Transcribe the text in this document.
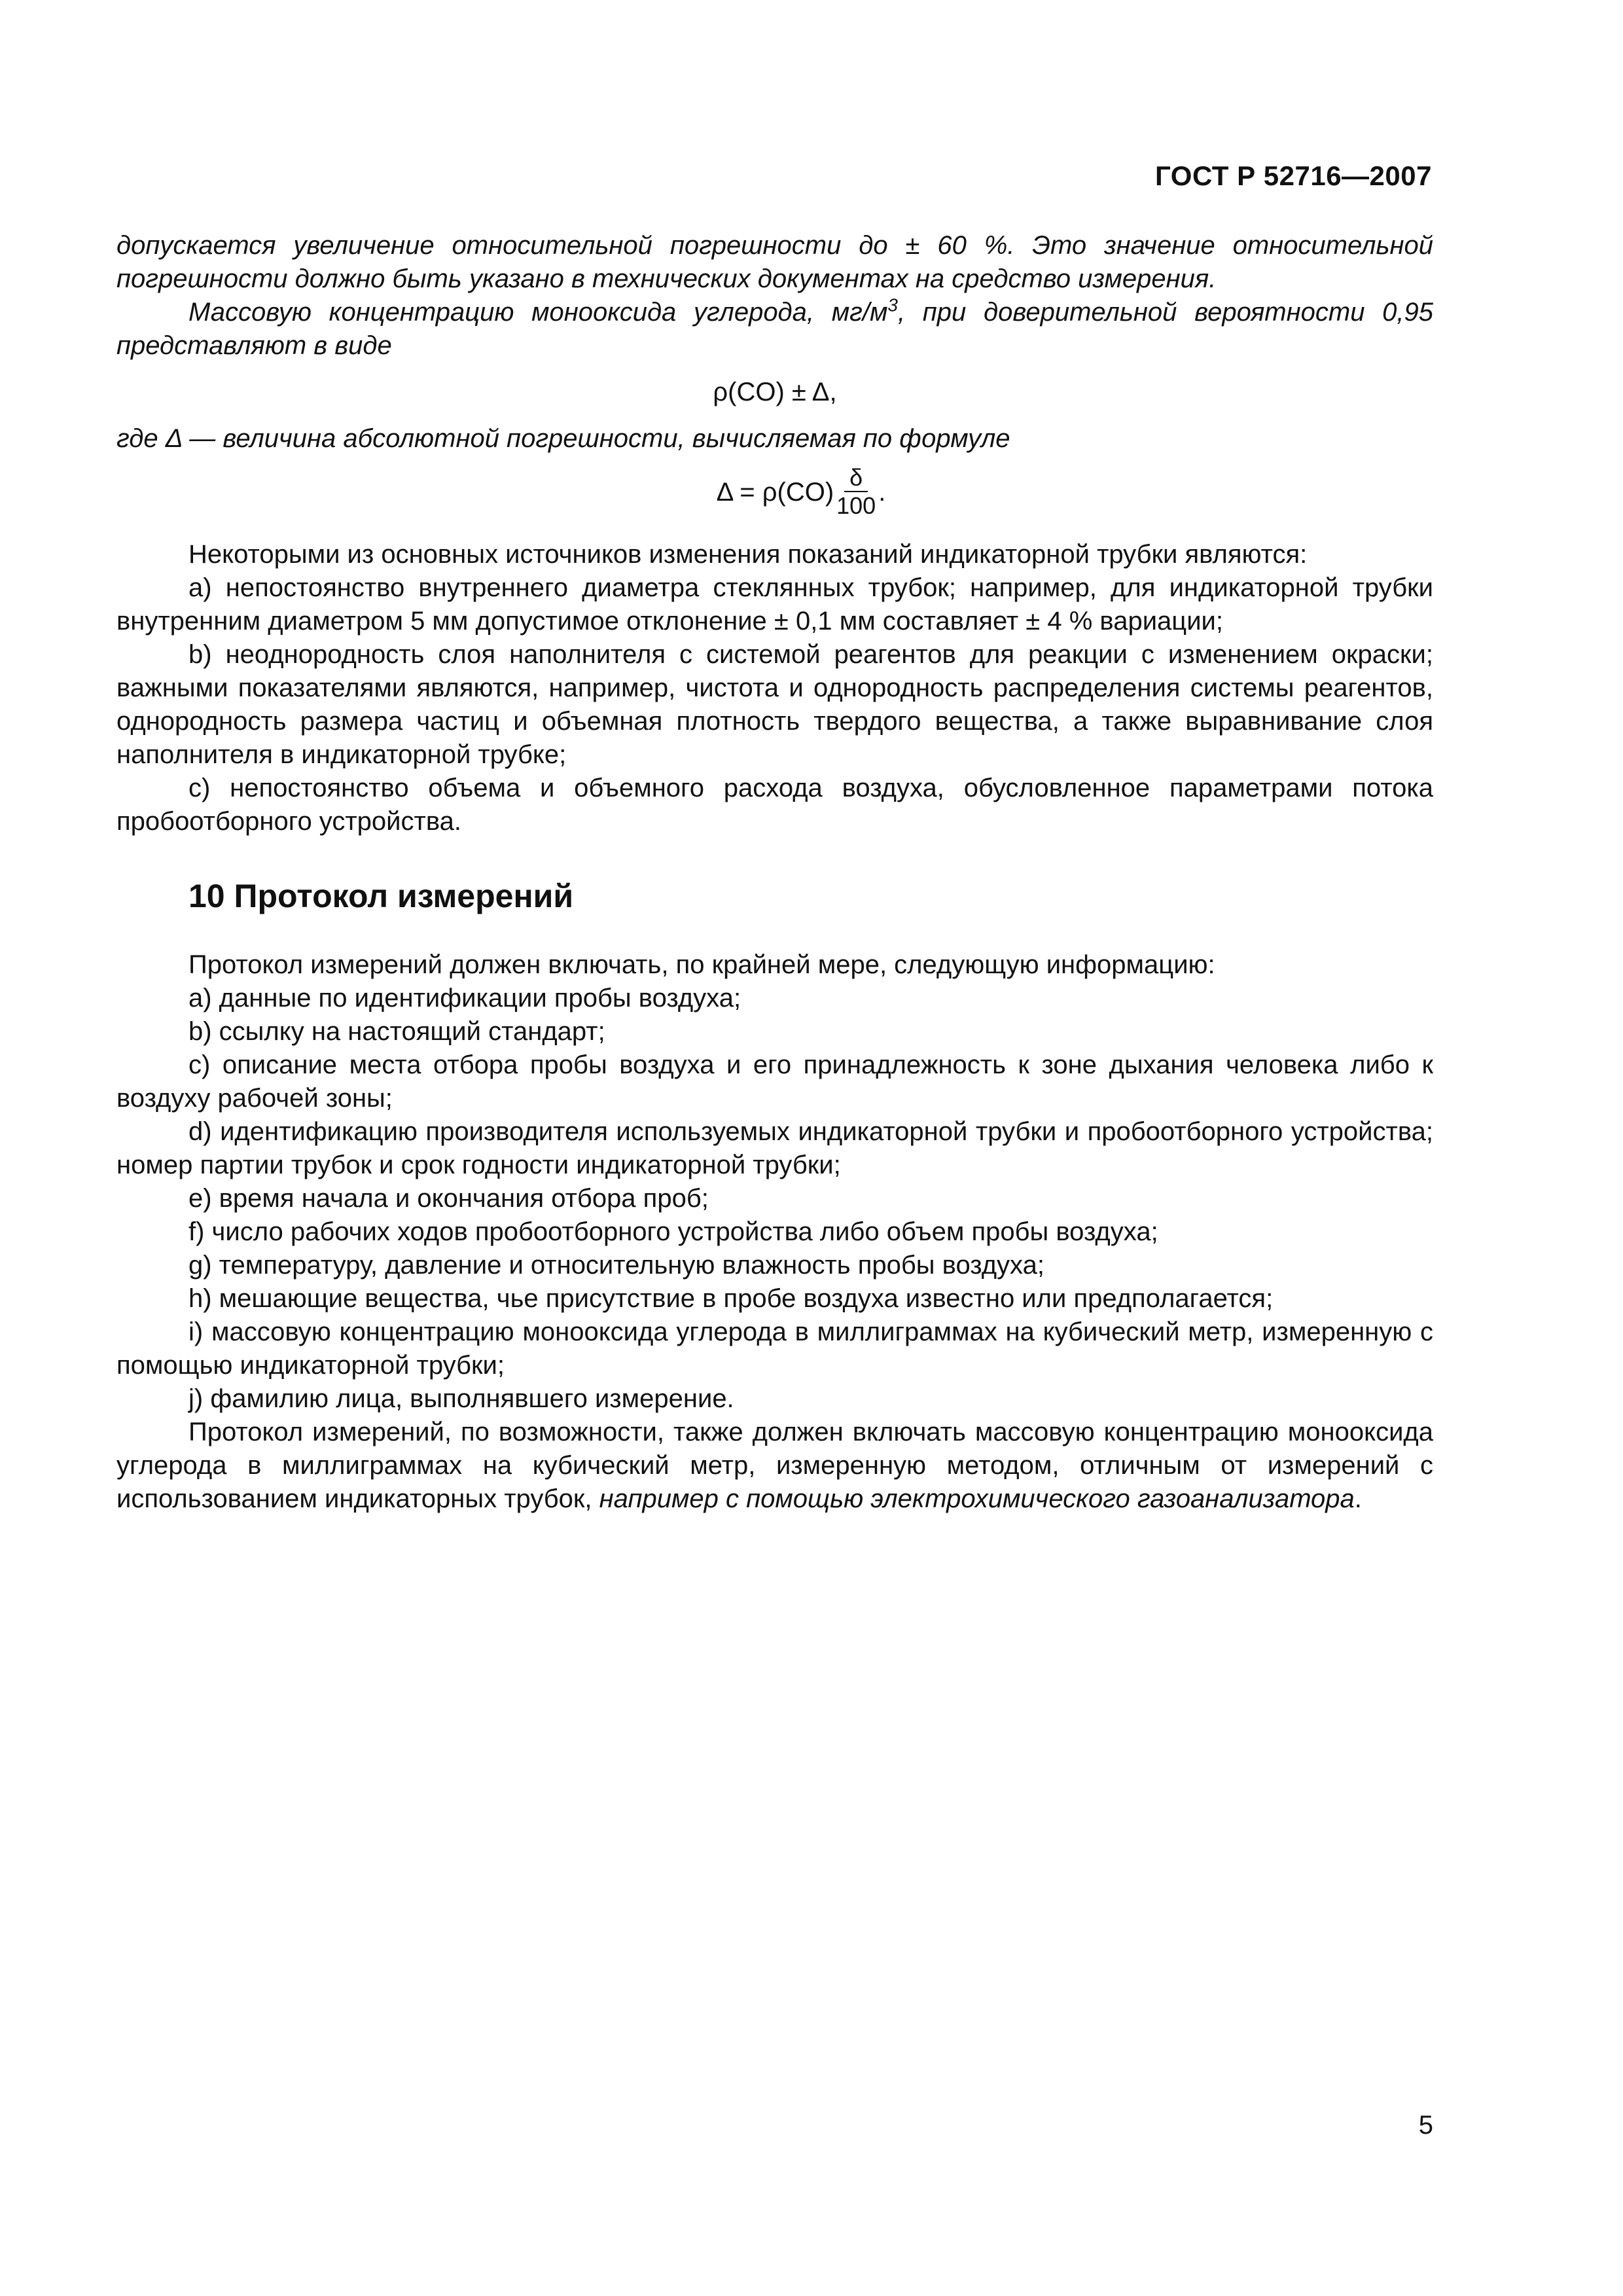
ГОСТ Р 52716—2007

допускается увеличение относительной погрешности до ± 60 %. Это значение относительной погрешности должно быть указано в технических документах на средство измерения.

Массовую концентрацию монооксида углерода, $мг/м^3$, при доверительной вероятности 0,95 представляют в виде

ρ(CO) ± Δ,

где Δ — величина абсолютной погрешности, вычисляемая по формуле

$\Delta = \rho(CO) \frac{\delta}{100}$ .

Некоторыми из основных источников изменения показаний индикаторной трубки являются:

a) непостоянство внутреннего диаметра стеклянных трубок; например, для индикаторной трубки внутренним диаметром 5 мм допустимое отклонение ± 0,1 мм составляет ± 4 % вариации;

b) неоднородность слоя наполнителя с системой реагентов для реакции с изменением окраски; важными показателями являются, например, чистота и однородность распределения системы реагентов, однородность размера частиц и объемная плотность твердого вещества, а также выравнивание слоя наполнителя в индикаторной трубке;

c) непостоянство объема и объемного расхода воздуха, обусловленное параметрами потока пробоотборного устройства.

10 Протокол измерений

Протокол измерений должен включать, по крайней мере, следующую информацию:

a) данные по идентификации пробы воздуха;

b) ссылку на настоящий стандарт;

c) описание места отбора пробы воздуха и его принадлежность к зоне дыхания человека либо к воздуху рабочей зоны;

d) идентификацию производителя используемых индикаторной трубки и пробоотборного устройства; номер партии трубок и срок годности индикаторной трубки;

e) время начала и окончания отбора проб;

f) число рабочих ходов пробоотборного устройства либо объем пробы воздуха;

g) температуру, давление и относительную влажность пробы воздуха;

h) мешающие вещества, чье присутствие в пробе воздуха известно или предполагается;

i) массовую концентрацию монооксида углерода в миллиграммах на кубический метр, измеренную с помощью индикаторной трубки;

j) фамилию лица, выполнявшего измерение.

Протокол измерений, по возможности, также должен включать массовую концентрацию монооксида углерода в миллиграммах на кубический метр, измеренную методом, отличным от измерений с использованием индикаторных трубок, например с помощью электрохимического газоанализатора.

5
